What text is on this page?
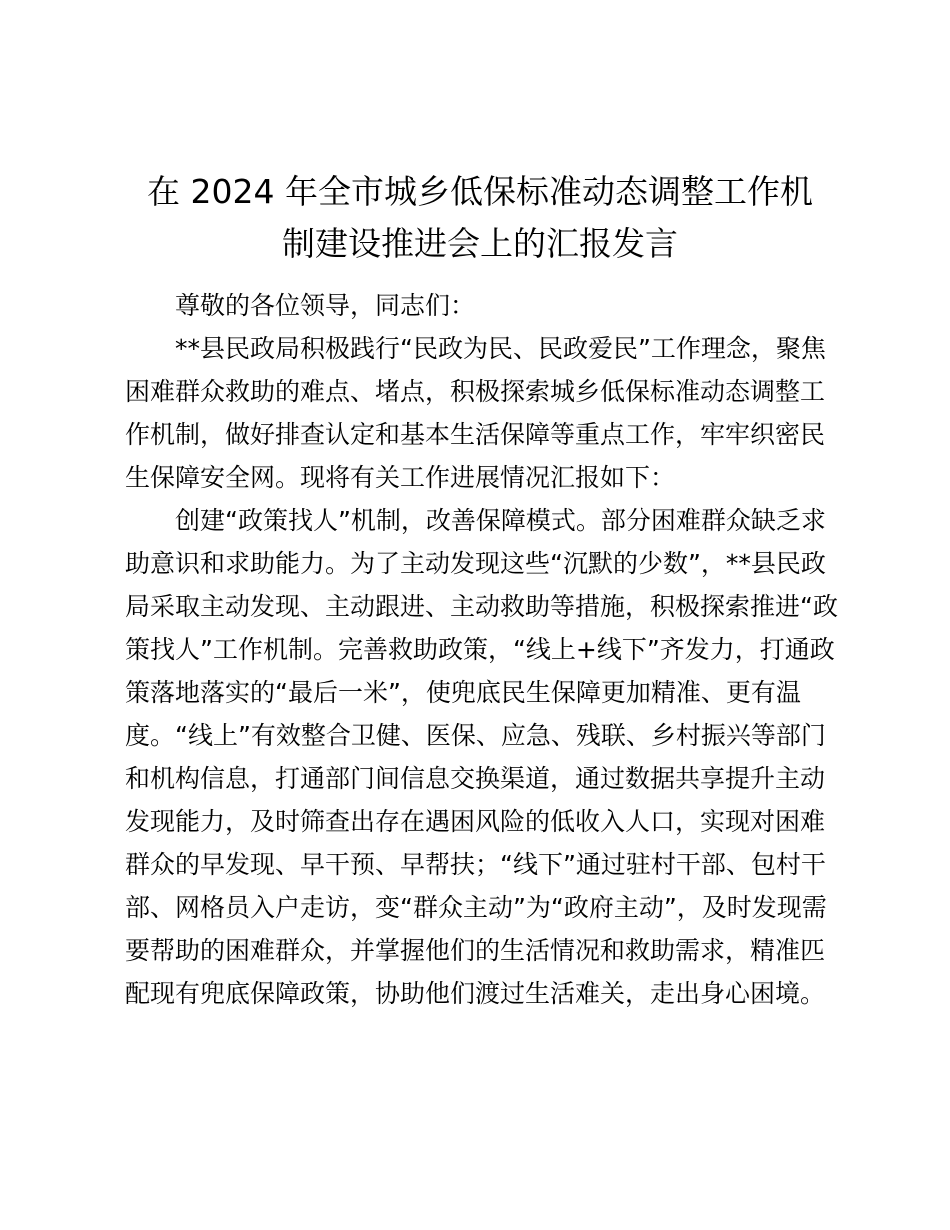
在 2024 年全市城乡低保标准动态调整工作机
制建设推进会上的汇报发言

尊敬的各位领导，同志们：

**县民政局积极践行“民政为民、民政爱民”工作理念，聚焦

困难群众救助的难点、堵点，积极探索城乡低保标准动态调整工

作机制，做好排查认定和基本生活保障等重点工作，牢牢织密民

生保障安全网。现将有关工作进展情况汇报如下：

创建“政策找人”机制，改善保障模式。部分困难群众缺乏求

助意识和求助能力。为了主动发现这些“沉默的少数”，**县民政

局采取主动发现、主动跟进、主动救助等措施，积极探索推进“政

策找人”工作机制。完善救助政策，“线上+线下”齐发力，打通政

策落地落实的“最后一米”，使兜底民生保障更加精准、更有温

度。“线上”有效整合卫健、医保、应急、残联、乡村振兴等部门

和机构信息，打通部门间信息交换渠道，通过数据共享提升主动

发现能力，及时筛查出存在遇困风险的低收入人口，实现对困难

群众的早发现、早干预、早帮扶；“线下”通过驻村干部、包村干

部、网格员入户走访，变“群众主动”为“政府主动”，及时发现需

要帮助的困难群众，并掌握他们的生活情况和救助需求，精准匹

配现有兜底保障政策，协助他们渡过生活难关，走出身心困境。
